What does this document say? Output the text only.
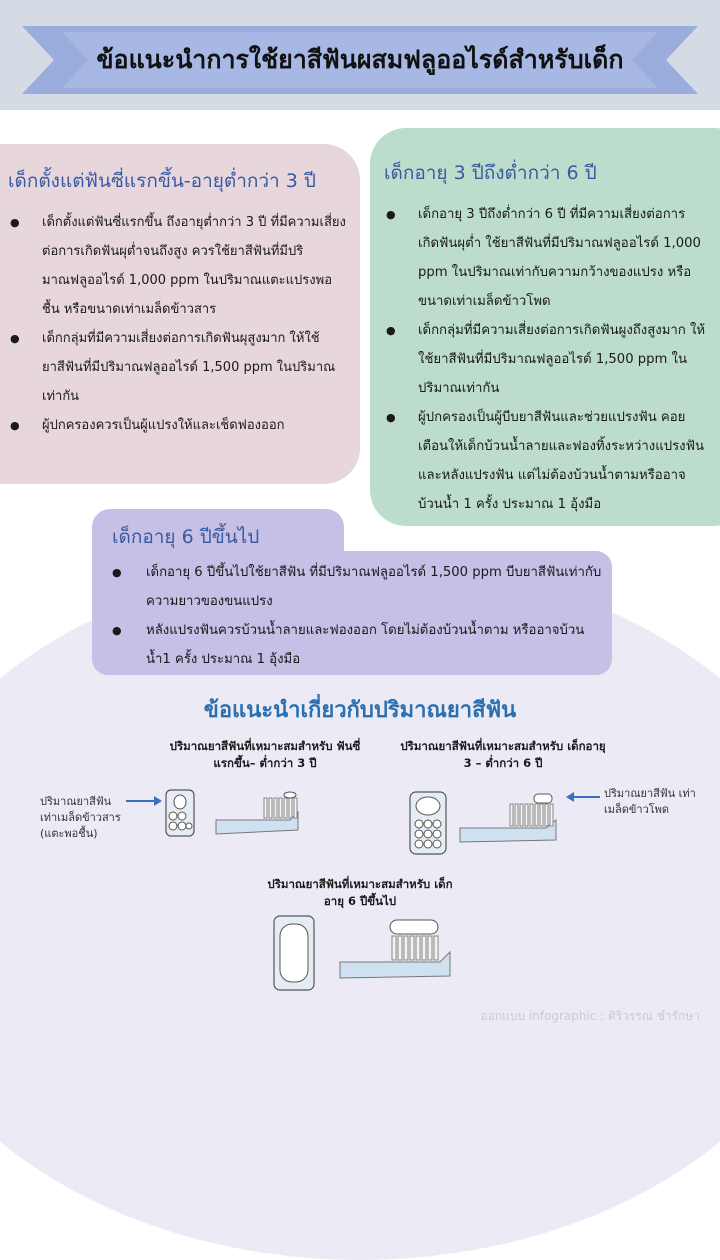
ข้อแนะนำการใช้ยาสีฟันผสมฟลูออไรด์สำหรับเด็ก
เด็กตั้งแต่ฟันซี่แรกขึ้น-อายุต่ำกว่า 3 ปี
● เด็กตั้งแต่ฟันซี่แรกขึ้น ถึงอายุต่ำกว่า 3 ปี ที่มีความเสี่ยงต่อการเกิดฟันผุต่ำจนถึงสูง ควรใช้ยาสีฟันที่มีปริมาณฟลูออไรด์ 1,000 ppm ในปริมาณแตะแปรงพอชื้น หรือขนาดเท่าเมล็ดข้าวสาร
● เด็กกลุ่มที่มีความเสี่ยงต่อการเกิดฟันผุสูงมาก ให้ใช้ยาสีฟันที่มีปริมาณฟลูออไรด์ 1,500 ppm ในปริมาณเท่ากัน
● ผู้ปกครองควรเป็นผู้แปรงให้และเช็ดฟองออก
เด็กอายุ 3 ปีถึงต่ำกว่า 6 ปี
● เด็กอายุ 3 ปีถึงต่ำกว่า 6 ปี ที่มีความเสี่ยงต่อการเกิดฟันผุต่ำ ใช้ยาสีฟันที่มีปริมาณฟลูออไรด์ 1,000 ppm ในปริมาณเท่ากับความกว้างของแปรง หรือขนาดเท่าเมล็ดข้าวโพด
● เด็กกลุ่มที่มีความเสี่ยงต่อการเกิดฟันผูงถึงสูงมาก ให้ใช้ยาสีฟันที่มีปริมาณฟลูออไรด์ 1,500 ppm ในปริมาณเท่ากัน
● ผู้ปกครองเป็นผู้บีบยาสีฟันและช่วยแปรงฟัน คอยเตือนให้เด็กบ้วนน้ำลายและฟองทิ้งระหว่างแปรงฟันและหลังแปรงฟัน แต่ไม่ต้องบ้วนน้ำตามหรืออาจบ้วนน้ำ 1 ครั้ง ประมาณ 1 อุ้งมือ
เด็กอายุ 6 ปีขึ้นไป
● เด็กอายุ 6 ปีขึ้นไปใช้ยาสีฟัน ที่มีปริมาณฟลูออไรด์ 1,500 ppm บีบยาสีฟันเท่ากับความยาวของขนแปรง
● หลังแปรงฟันควรบ้วนน้ำลายและฟองออก โดยไม่ต้องบ้วนน้ำตาม หรืออาจบ้วนน้ำ1 ครั้ง ประมาณ 1 อุ้งมือ
ข้อแนะนำเกี่ยวกับปริมาณยาสีฟัน
ปริมาณยาสีฟันที่เหมาะสมสำหรับ ฟันซี่แรกขึ้น– ต่ำกว่า 3 ปี
ปริมาณยาสีฟันที่เหมาะสมสำหรับ เด็กอายุ 3 – ต่ำกว่า 6 ปี
ปริมาณยาสีฟันที่เหมาะสมสำหรับ เด็กอายุ 6 ปีขึ้นไป
ปริมาณยาสีฟัน เท่าเมล็ดข้าวสาร (แตะพอชื้น)
ปริมาณยาสีฟัน เท่าเมล็ดข้าวโพด
ออกแบบ infographic : ศิริวรรณ ชำรักษา
